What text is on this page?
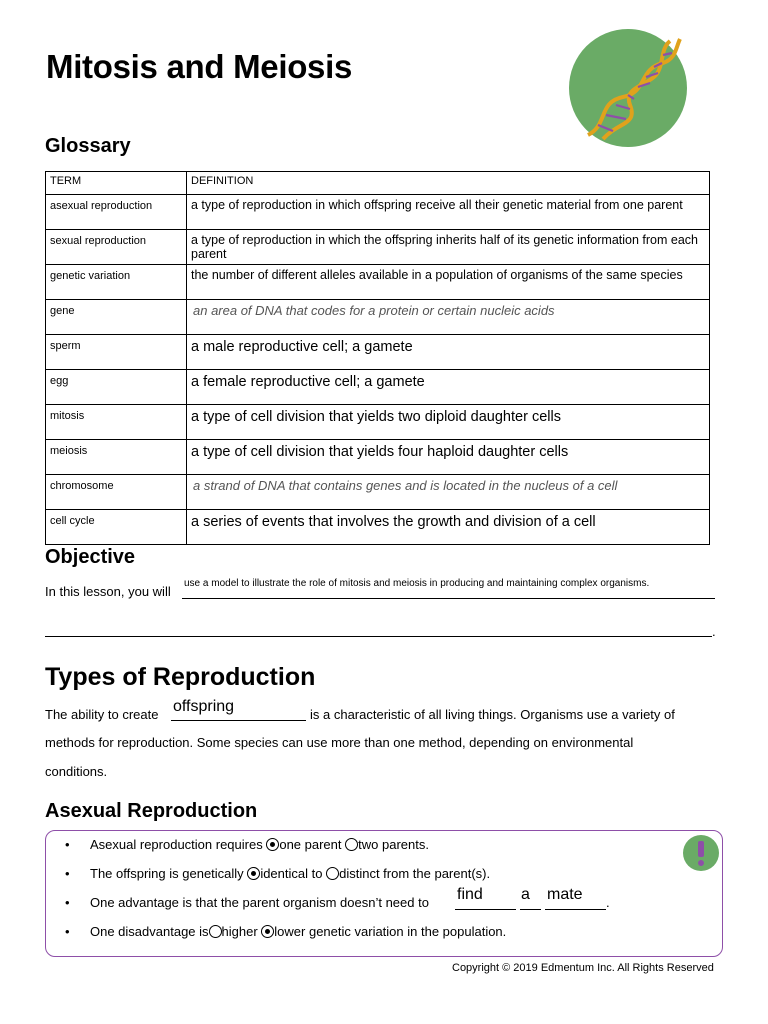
Mitosis and Meiosis
Glossary
TERM	DEFINITION
asexual reproduction	a type of reproduction in which offspring receive all their genetic material from one parent
sexual reproduction	a type of reproduction in which the offspring inherits half of its genetic information from each parent
genetic variation	the number of different alleles available in a population of organisms of the same species
gene	an area of DNA that codes for a protein or certain nucleic acids
sperm	a male reproductive cell; a gamete
egg	a female reproductive cell; a gamete
mitosis	a type of cell division that yields two diploid daughter cells
meiosis	a type of cell division that yields four haploid daughter cells
chromosome	a strand of DNA that contains genes and is located in the nucleus of a cell
cell cycle	a series of events that involves the growth and division of a cell
Objective
In this lesson, you will
use a model to illustrate the role of mitosis and meiosis in producing and maintaining complex organisms.
.
Types of Reproduction
The ability to create offspring	is a characteristic of all living things. Organisms use a variety of
methods for reproduction. Some species can use more than one method, depending on environmental
conditions.
Asexual Reproduction
• Asexual reproduction requires one parent two parents.
• The offspring is genetically identical to distinct from the parent(s).
• One advantage is that the parent organism doesn’t need to find a mate .
• One disadvantage is higher lower genetic variation in the population.
Copyright © 2019 Edmentum Inc. All Rights Reserved
